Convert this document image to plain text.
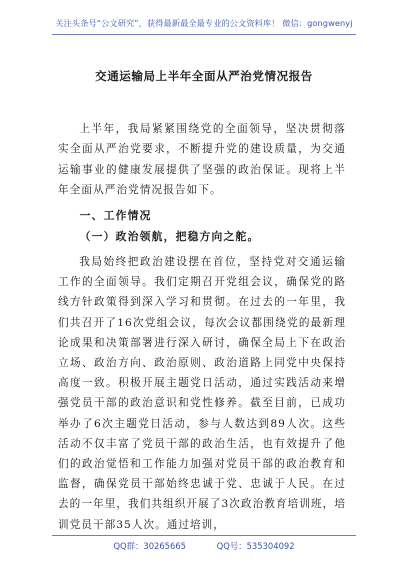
关注头条号“公文研究”，获得最新最全最专业的公文资料库！ 微信：gongwenyj
交通运输局上半年全面从严治党情况报告
上半年，我局紧紧围绕党的全面领导，坚决贯彻落实全面从严治党要求，不断提升党的建设质量，为交通运输事业的健康发展提供了坚强的政治保证。现将上半年全面从严治党情况报告如下。
一、工作情况
（一）政治领航，把稳方向之舵。
我局始终把政治建设摆在首位，坚持党对交通运输工作的全面领导。我们定期召开党组会议，确保党的路线方针政策得到深入学习和贯彻。在过去的一年里，我们共召开了16次党组会议，每次会议都围绕党的最新理论成果和决策部署进行深入研讨，确保全局上下在政治立场、政治方向、政治原则、政治道路上同党中央保持高度一致。积极开展主题党日活动，通过实践活动来增强党员干部的政治意识和党性修养。截至目前，已成功举办了6次主题党日活动，参与人数达到89人次。这些活动不仅丰富了党员干部的政治生活，也有效提升了他们的政治觉悟和工作能力加强对党员干部的政治教育和监督，确保党员干部始终忠诚于党、忠诚于人民。在过去的一年里，我们共组织开展了3次政治教育培训班，培训党员干部35人次。通过培训，
QQ群：30265665	QQ号：535304092
